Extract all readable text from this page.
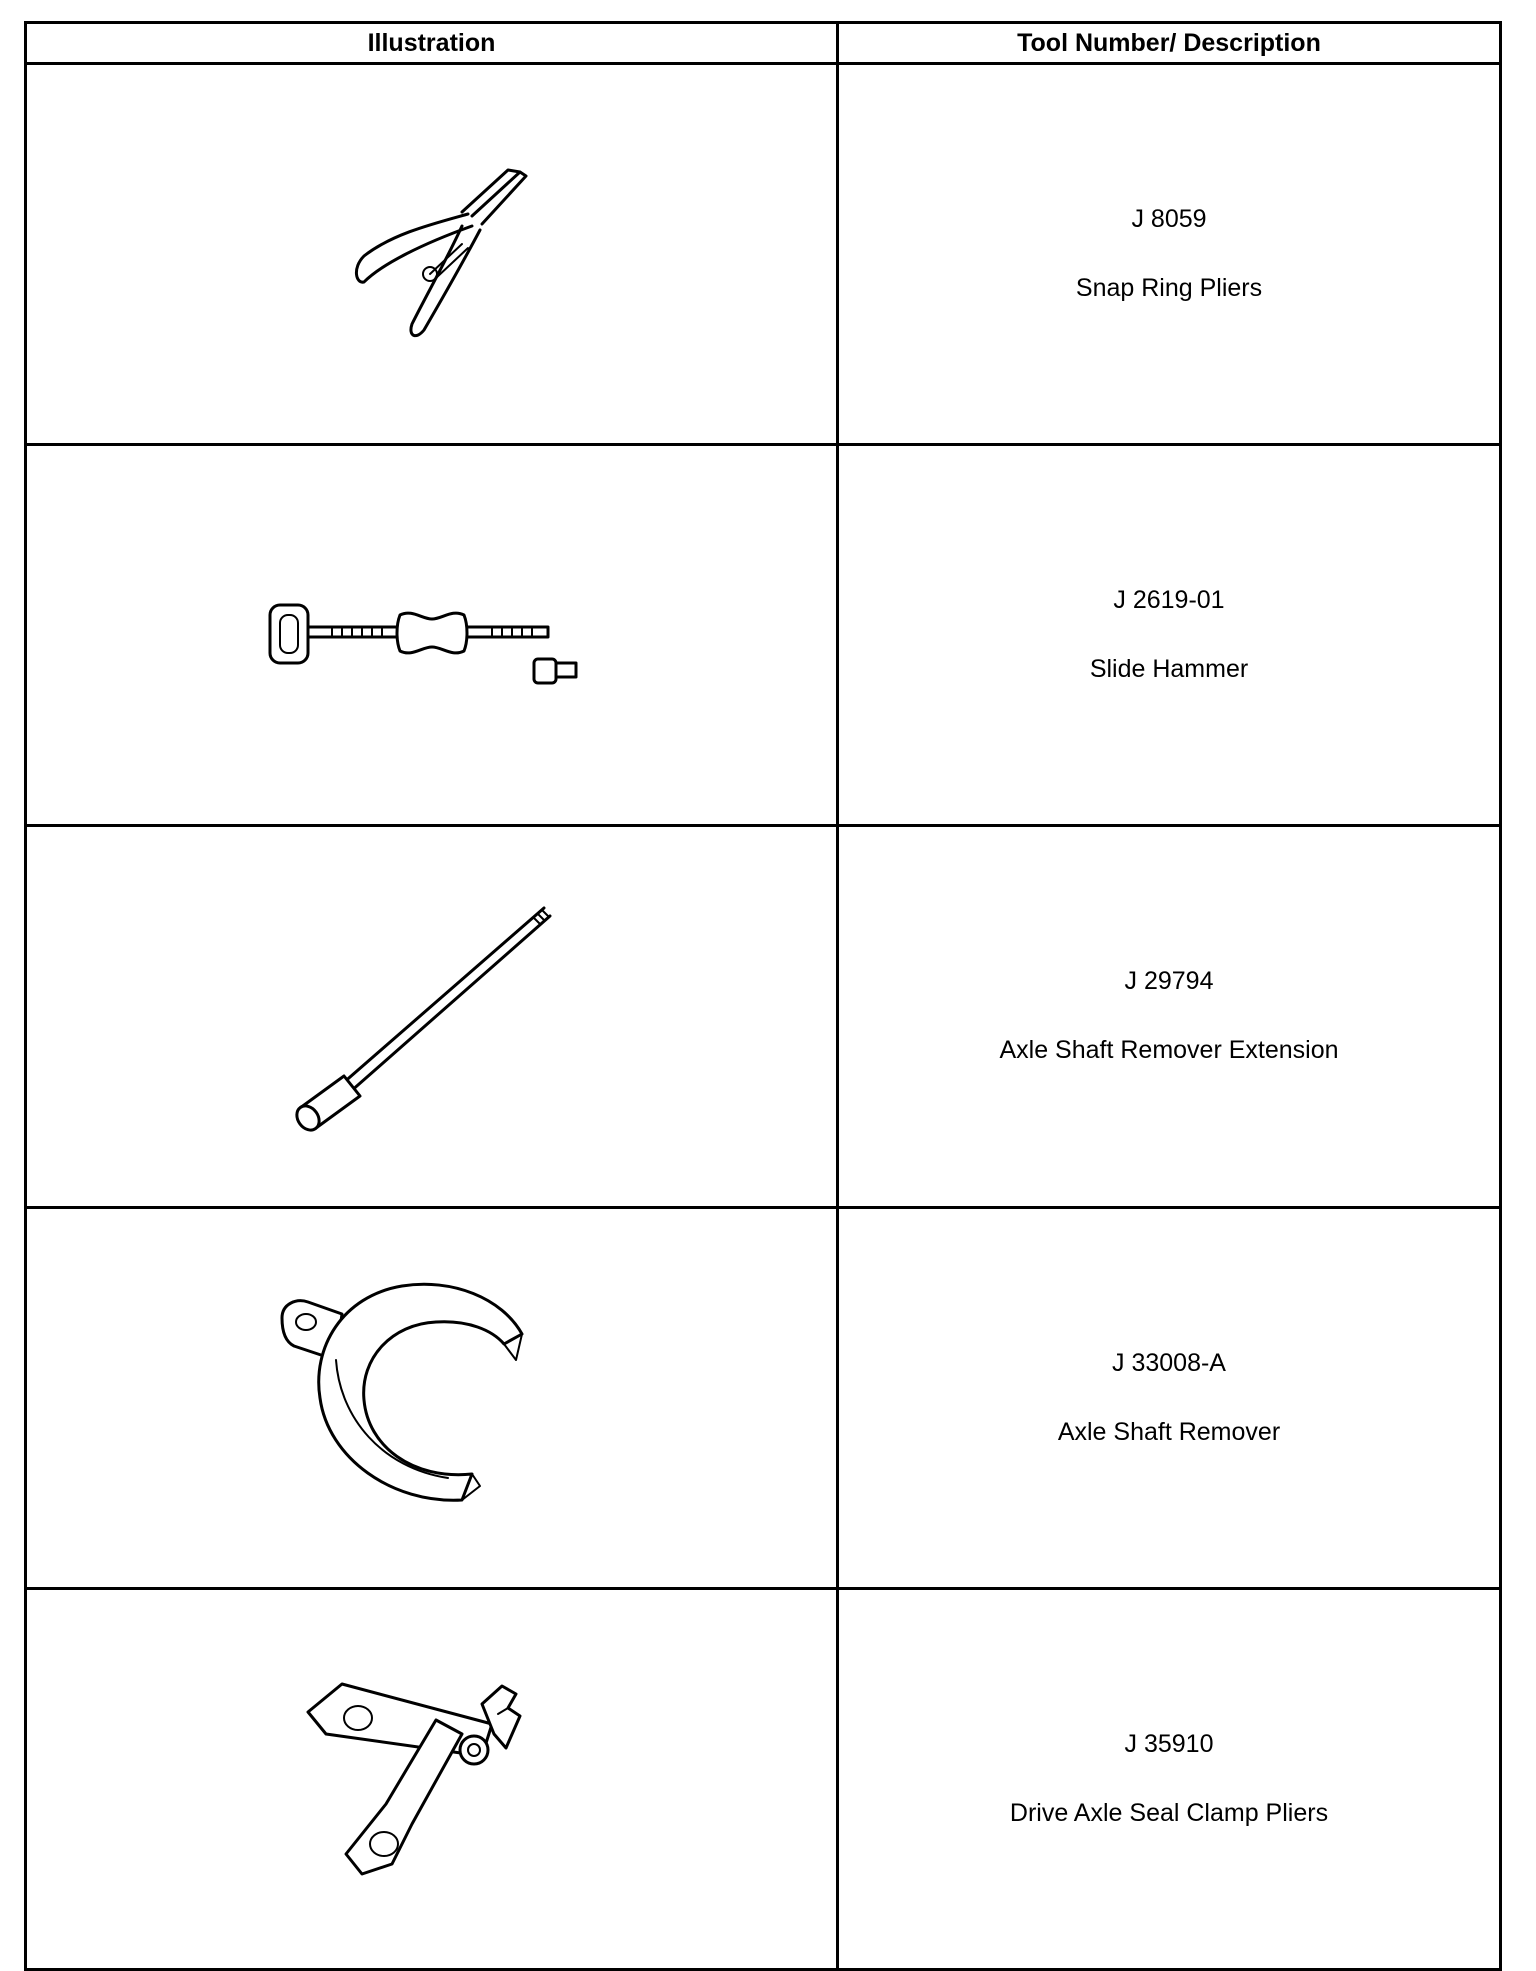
Illustration	Tool Number/ Description

J 8059
Snap Ring Pliers

J 2619-01
Slide Hammer

J 29794
Axle Shaft Remover Extension

J 33008-A
Axle Shaft Remover

J 35910
Drive Axle Seal Clamp Pliers
